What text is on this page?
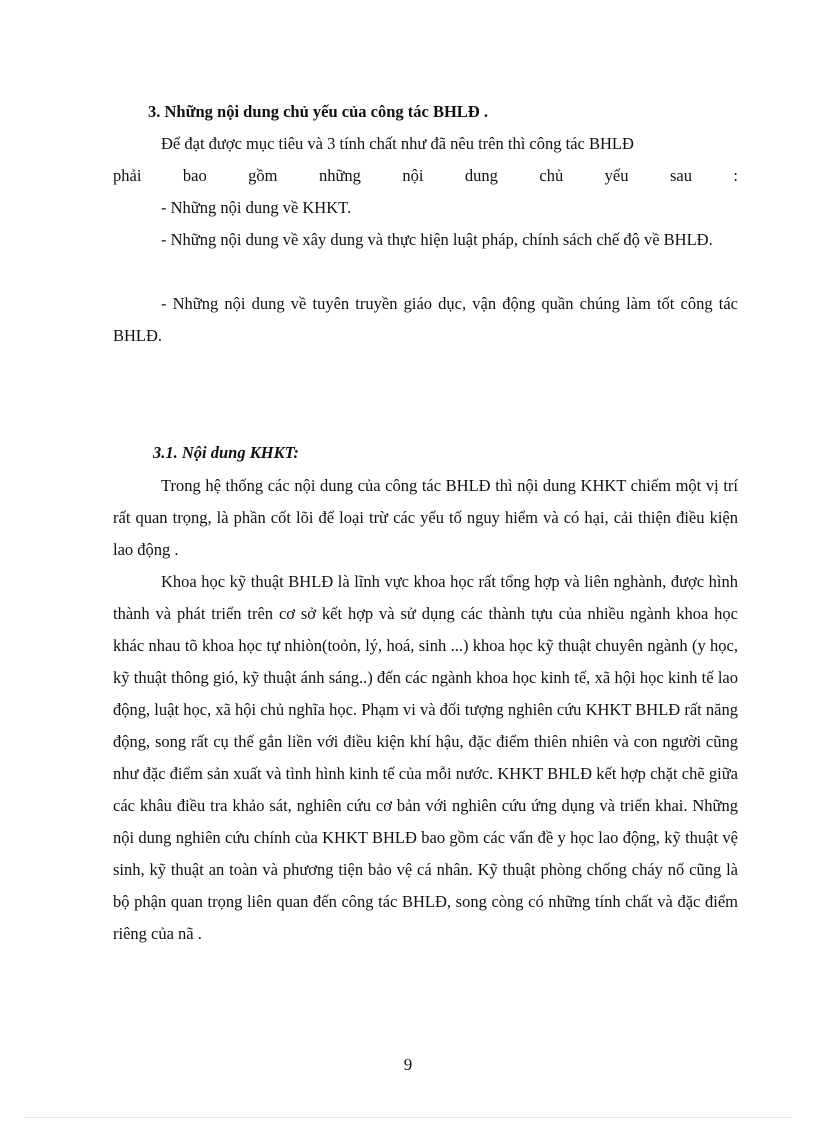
3. Những nội dung chủ yếu của công tác BHLĐ .
Để đạt được mục tiêu và 3 tính chất như đã nêu trên thì công tác BHLĐ
phải bao gồm những nội dung chủ yếu sau :
- Những nội dung về KHKT.
- Những nội dung về xây dung và thực hiện luật pháp, chính sách chế độ về BHLĐ.
- Những nội dung về tuyên truyền giáo dục, vận động quần chúng làm tốt công tác BHLĐ.
3.1. Nội dung KHKT:
Trong hệ thống các nội dung của công tác BHLĐ thì nội dung KHKT chiếm một vị trí rất quan trọng, là phần cốt lõi để loại trừ các yếu tố nguy hiểm và có hại, cải thiện điều kiện lao động .
Khoa học kỹ thuật BHLĐ là lĩnh vực khoa học rất tổng hợp và liên nghành, được hình thành và phát triển trên cơ sở kết hợp và sử dụng các thành tựu của nhiều ngành khoa học khác nhau tõ khoa học tự nhiòn(toỏn, lý, hoá, sinh ...) khoa học kỹ thuật chuyên ngành (y học, kỹ thuật thông gió, kỹ thuật ánh sáng..) đến các ngành khoa học kinh tế, xã hội học kinh tế lao động, luật học, xã hội chủ nghĩa học. Phạm vi và đối tượng nghiên cứu KHKT BHLĐ rất năng động, song rất cụ thể gắn liền với điều kiện khí hậu, đặc điểm thiên nhiên và con người cũng như đặc điểm sản xuất và tình hình kinh tế của mỗi nước. KHKT BHLĐ kết hợp chặt chẽ giữa các khâu điều tra khảo sát, nghiên cứu cơ bản với nghiên cứu ứng dụng và triển khai. Những nội dung nghiên cứu chính của KHKT BHLĐ bao gồm các vấn đề y học lao động, kỹ thuật vệ sinh, kỹ thuật an toàn và phương tiện bảo vệ cá nhân. Kỹ thuật phòng chống cháy nổ cũng là bộ phận quan trọng liên quan đến công tác BHLĐ, song còng có những tính chất và đặc điểm riêng của nã .
9
